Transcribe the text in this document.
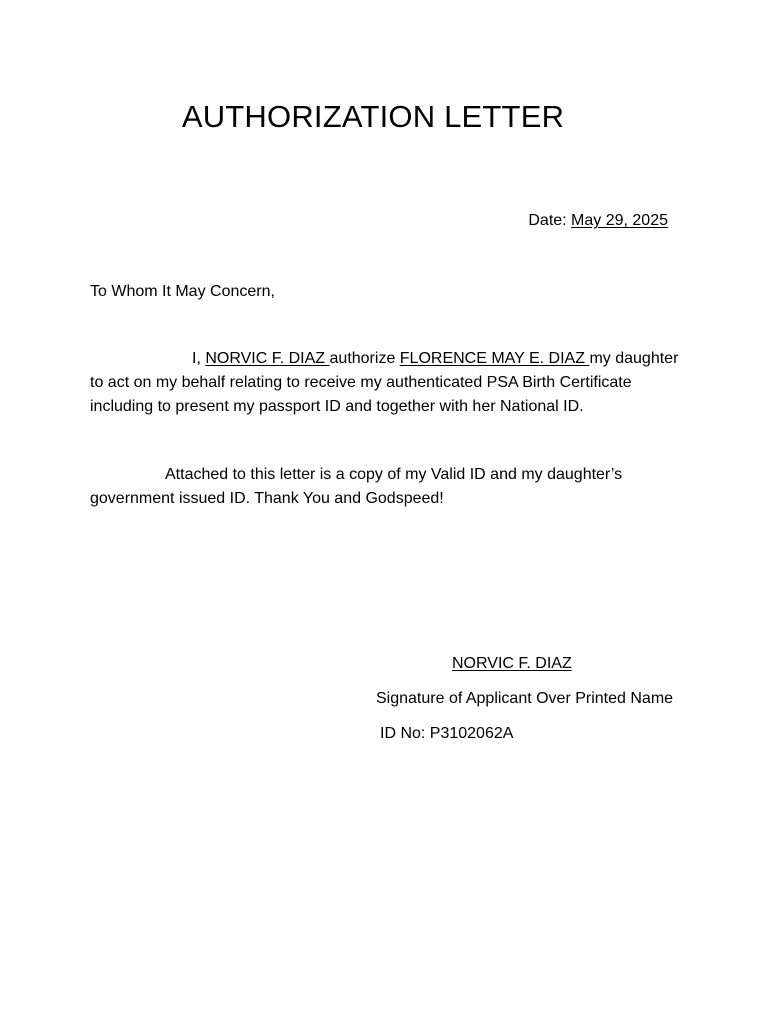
AUTHORIZATION LETTER
Date: May 29, 2025
To Whom It May Concern,
I, NORVIC F. DIAZ authorize FLORENCE MAY E. DIAZ my daughter to act on my behalf relating to receive my authenticated PSA Birth Certificate including to present my passport ID and together with her National ID.
Attached to this letter is a copy of my Valid ID and my daughter’s government issued ID. Thank You and Godspeed!
NORVIC F. DIAZ
Signature of Applicant Over Printed Name
ID No: P3102062A
